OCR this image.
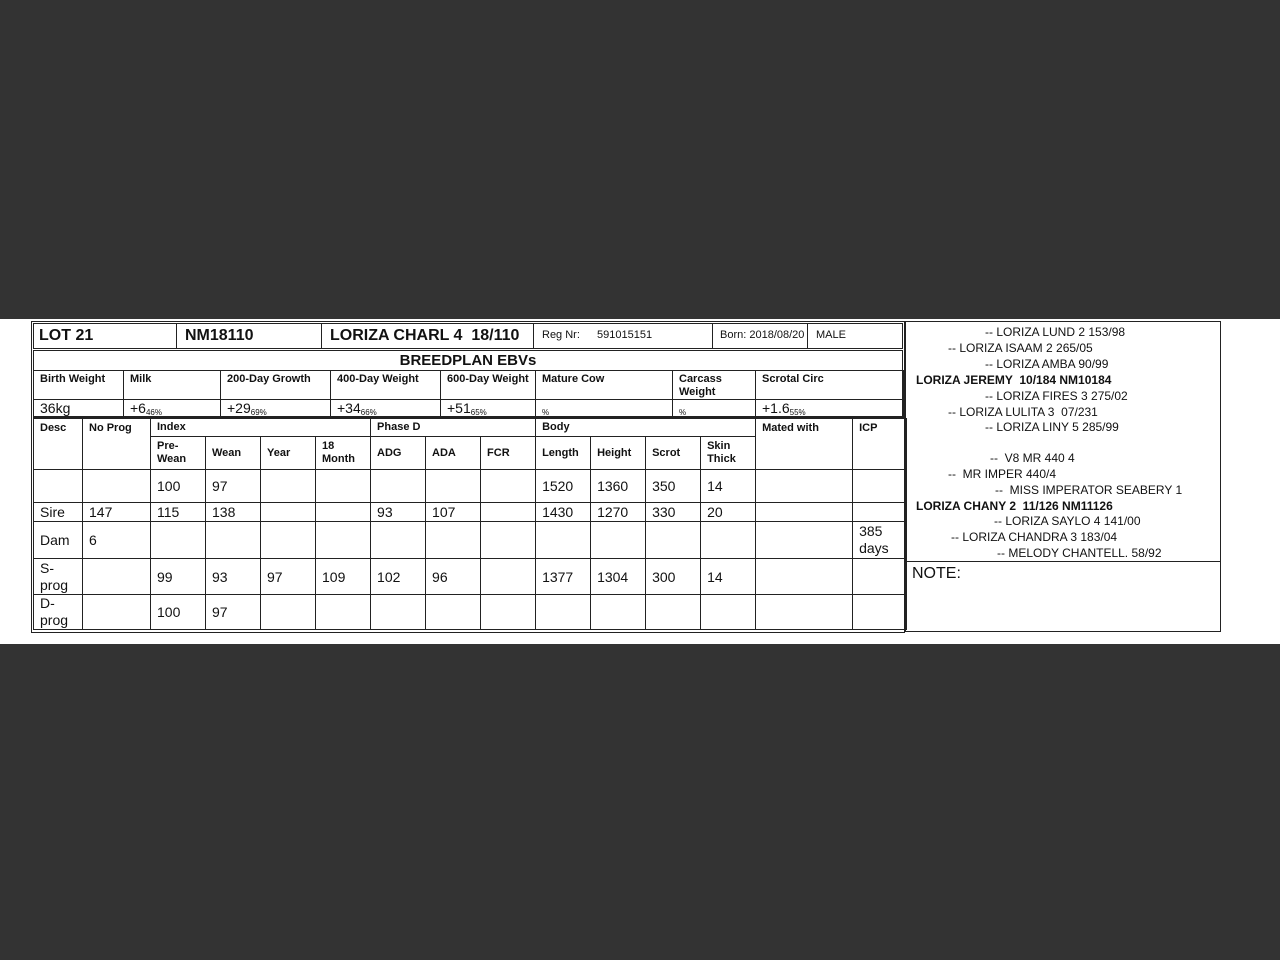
LOT 21	NM18110	LORIZA CHARL 4  18/110 Reg Nr: 591015151	Born: 2018/08/20 MALE
BREEDPLAN EBVs
Birth Weight	Milk	200-Day Growth	400-Day Weight	600-Day Weight	Mature Cow	Carcass Weight	Scrotal Circ
36kg	$+6_{46\%}$	$+29_{69\%}$	$+34_{66\%}$	$+51_{65\%}$	$_{\%}$	$_{\%}$	$+1.6_{55\%}$
Desc	No Prog	Index				Phase D			Body				Mated with	ICP
		Pre-Wean	Wean	Year	18 Month	ADG	ADA	FCR	Length	Height	Scrot	Skin Thick		
		100	97						1520	1360	350	14		
Sire	147	115	138			93	107		1430	1270	330	20		
Dam	6													385 days
S-prog		99	93	97	109	102	96		1377	1304	300	14		
D-prog		100	97											
-- LORIZA LUND 2 153/98
-- LORIZA ISAAM 2 265/05
-- LORIZA AMBA 90/99
LORIZA JEREMY  10/184 NM10184
-- LORIZA FIRES 3 275/02
-- LORIZA LULITA 3  07/231
-- LORIZA LINY 5 285/99
--  V8 MR 440 4
--  MR IMPER 440/4
--  MISS IMPERATOR SEABERY 1
LORIZA CHANY 2  11/126 NM11126
-- LORIZA SAYLO 4 141/00
-- LORIZA CHANDRA 3 183/04
-- MELODY CHANTELL. 58/92
NOTE:
